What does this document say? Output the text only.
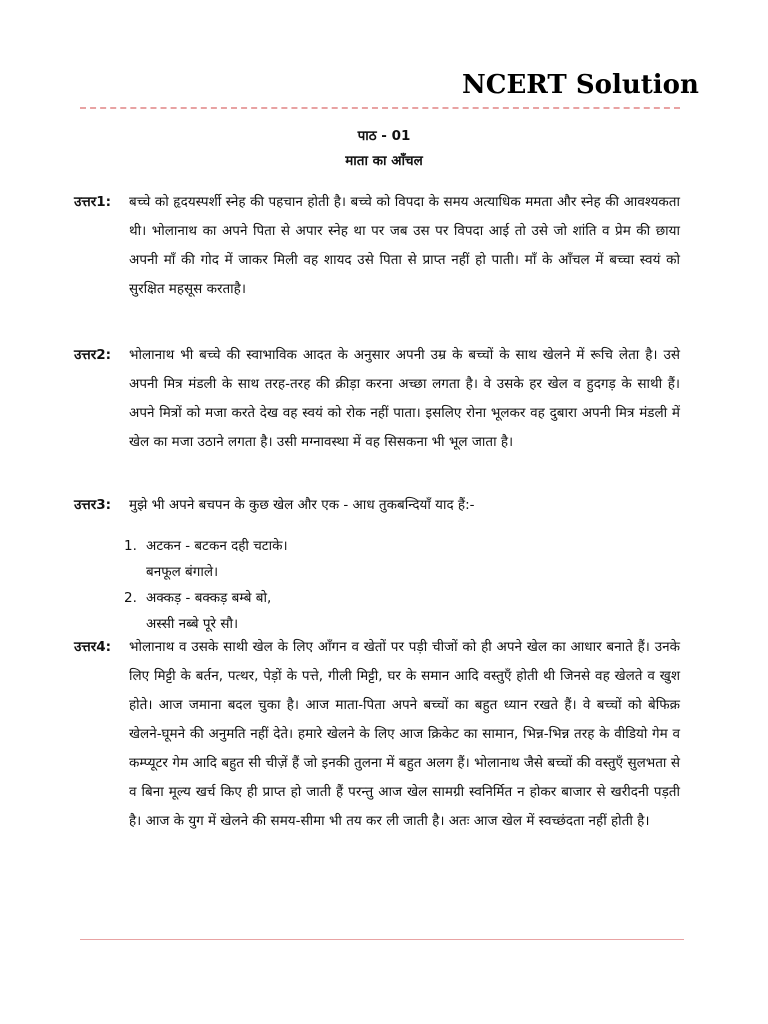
NCERT Solution
पाठ - 01
माता का आँचल
उत्तर1: बच्चे को हृदयस्पर्शी स्नेह की पहचान होती है। बच्चे को विपदा के समय अत्याधिक ममता और स्नेह की आवश्यकता थी। भोलानाथ का अपने पिता से अपार स्नेह था पर जब उस पर विपदा आई तो उसे जो शांति व प्रेम की छाया अपनी माँ की गोद में जाकर मिली वह शायद उसे पिता से प्राप्त नहीं हो पाती। माँ के आँचल में बच्चा स्वयं को सुरक्षित महसूस करताहै।
उत्तर2: भोलानाथ भी बच्चे की स्वाभाविक आदत के अनुसार अपनी उम्र के बच्चों के साथ खेलने में रूचि लेता है। उसे अपनी मित्र मंडली के साथ तरह-तरह की क्रीड़ा करना अच्छा लगता है। वे उसके हर खेल व हुदगड़ के साथी हैं। अपने मित्रों को मजा करते देख वह स्वयं को रोक नहीं पाता। इसलिए रोना भूलकर वह दुबारा अपनी मित्र मंडली में खेल का मजा उठाने लगता है। उसी मग्नावस्था में वह सिसकना भी भूल जाता है।
उत्तर3: मुझे भी अपने बचपन के कुछ खेल और एक - आध तुकबन्दियाँ याद हैं:-
1. अटकन - बटकन दही चटाके।
बनफूल बंगाले।
2. अक्कड़ - बक्कड़ बम्बे बो,
अस्सी नब्बे पूरे सौ।
उत्तर4: भोलानाथ व उसके साथी खेल के लिए आँगन व खेतों पर पड़ी चीजों को ही अपने खेल का आधार बनाते हैं। उनके लिए मिट्टी के बर्तन, पत्थर, पेड़ों के पत्ते, गीली मिट्टी, घर के समान आदि वस्तुएँ होती थी जिनसे वह खेलते व खुश होते। आज जमाना बदल चुका है। आज माता-पिता अपने बच्चों का बहुत ध्यान रखते हैं। वे बच्चों को बेफिक्र खेलने-घूमने की अनुमति नहीं देते। हमारे खेलने के लिए आज क्रिकेट का सामान, भिन्न-भिन्न तरह के वीडियो गेम व कम्प्यूटर गेम आदि बहुत सी चीज़ें हैं जो इनकी तुलना में बहुत अलग हैं। भोलानाथ जैसे बच्चों की वस्तुएँ सुलभता से व बिना मूल्य खर्च किए ही प्राप्त हो जाती हैं परन्तु आज खेल सामग्री स्वनिर्मित न होकर बाजार से खरीदनी पड़ती है। आज के युग में खेलने की समय-सीमा भी तय कर ली जाती है। अतः आज खेल में स्वच्छंदता नहीं होती है।
